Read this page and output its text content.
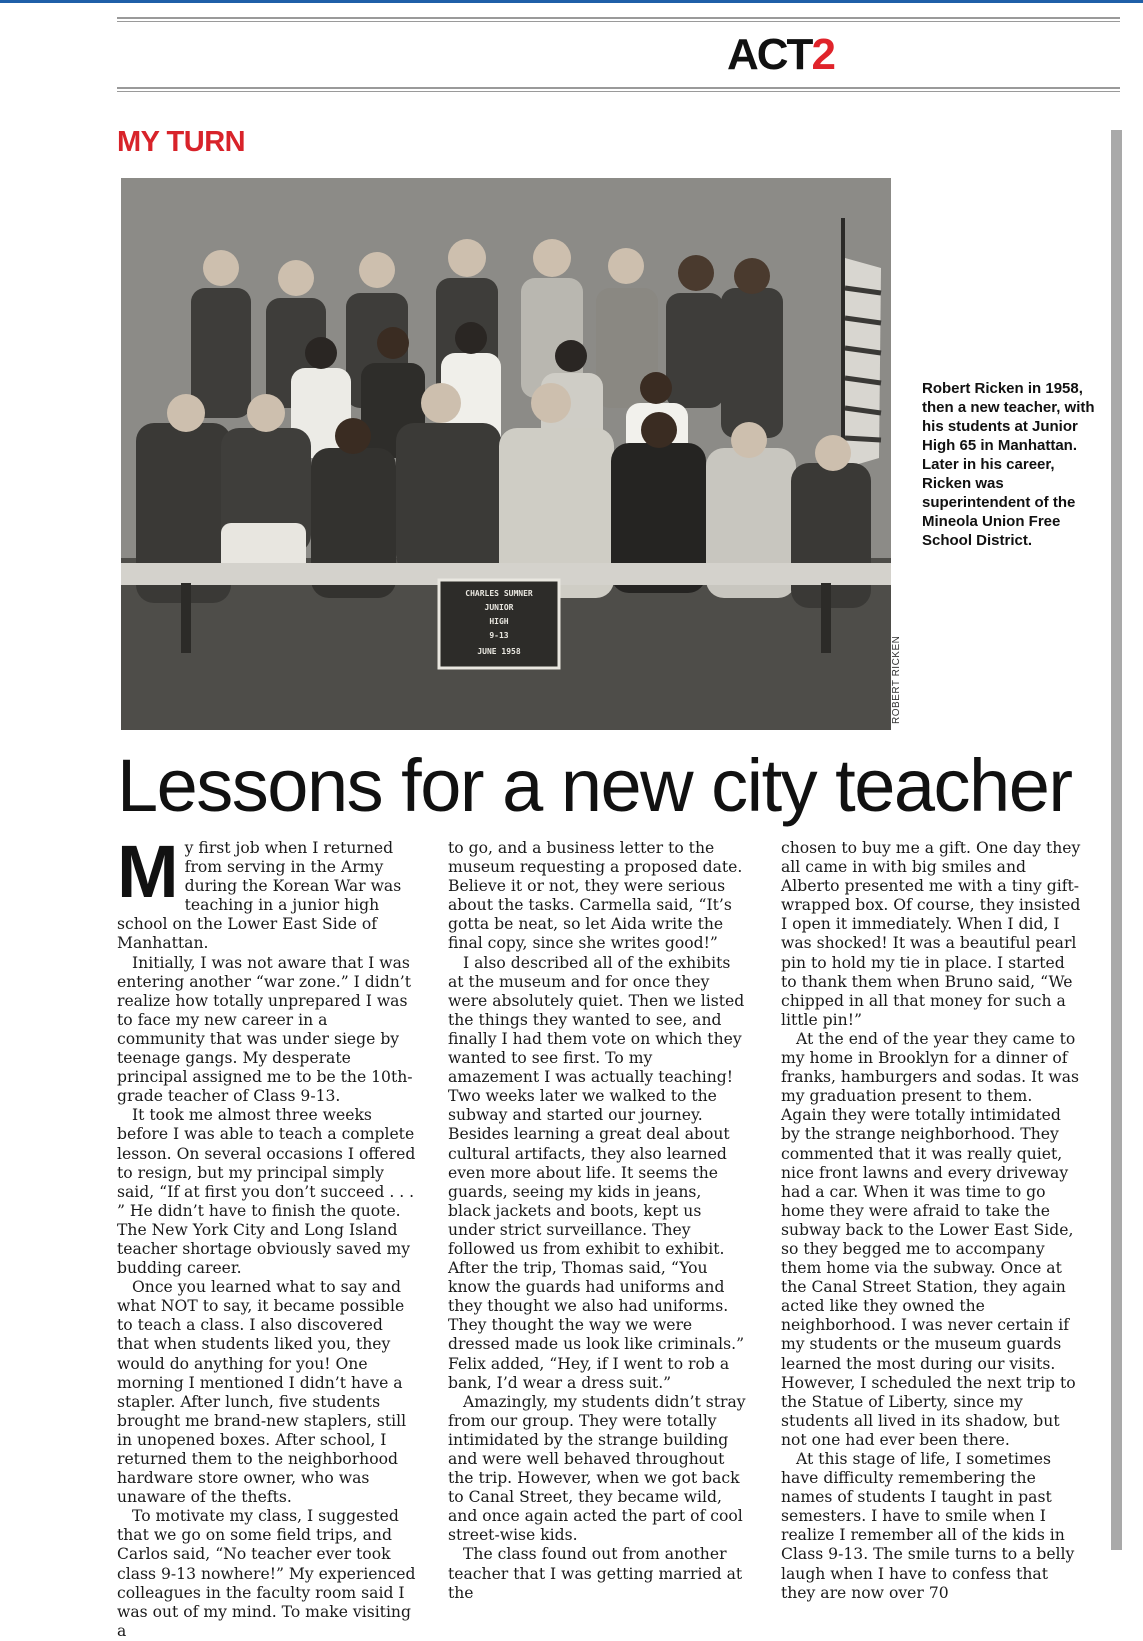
ACT2
MY TURN
CHARLES SUMNER
JUNIOR
HIGH
9-13
JUNE 1958	ROBERT RICKEN
Robert Ricken in 1958, then a new teacher, with his students at Junior High 65 in Manhattan. Later in his career, Ricken was superintendent of the Mineola Union Free School District.
Lessons for a new city teacher

My first job when I returned from serving in the Army during the Korean War was teaching in a junior high school on the Lower East Side of Manhattan.

Initially, I was not aware that I was entering another “war zone.” I didn’t realize how totally unprepared I was to face my new career in a community that was under siege by teenage gangs. My desperate principal assigned me to be the 10th-grade teacher of Class 9-13.

It took me almost three weeks before I was able to teach a complete lesson. On several occasions I offered to resign, but my principal simply said, “If at first you don’t succeed . . . ” He didn’t have to finish the quote. The New York City and Long Island teacher shortage obviously saved my budding career.

Once you learned what to say and what NOT to say, it became possible to teach a class. I also discovered that when students liked you, they would do anything for you! One morning I mentioned I didn’t have a stapler. After lunch, five students brought me brand-new staplers, still in unopened boxes. After school, I returned them to the neighborhood hardware store owner, who was unaware of the thefts.

To motivate my class, I suggested that we go on some field trips, and Carlos said, “No teacher ever took class 9-13 nowhere!” My experienced colleagues in the faculty room said I was out of my mind. To make visiting a

to go, and a business letter to the museum requesting a proposed date. Believe it or not, they were serious about the tasks. Carmella said, “It’s gotta be neat, so let Aida write the final copy, since she writes good!”

I also described all of the exhibits at the museum and for once they were absolutely quiet. Then we listed the things they wanted to see, and finally I had them vote on which they wanted to see first. To my amazement I was actually teaching! Two weeks later we walked to the subway and started our journey. Besides learning a great deal about cultural artifacts, they also learned even more about life. It seems the guards, seeing my kids in jeans, black jackets and boots, kept us under strict surveillance. They followed us from exhibit to exhibit. After the trip, Thomas said, “You know the guards had uniforms and they thought we also had uniforms. They thought the way we were dressed made us look like criminals.” Felix added, “Hey, if I went to rob a bank, I’d wear a dress suit.”

Amazingly, my students didn’t stray from our group. They were totally intimidated by the strange building and were well behaved throughout the trip. However, when we got back to Canal Street, they became wild, and once again acted the part of cool street-wise kids.

The class found out from another teacher that I was getting married at the

chosen to buy me a gift. One day they all came in with big smiles and Alberto presented me with a tiny gift-wrapped box. Of course, they insisted I open it immediately. When I did, I was shocked! It was a beautiful pearl pin to hold my tie in place. I started to thank them when Bruno said, “We chipped in all that money for such a little pin!”

At the end of the year they came to my home in Brooklyn for a dinner of franks, hamburgers and sodas. It was my graduation present to them. Again they were totally intimidated by the strange neighborhood. They commented that it was really quiet, nice front lawns and every driveway had a car. When it was time to go home they were afraid to take the subway back to the Lower East Side, so they begged me to accompany them home via the subway. Once at the Canal Street Station, they again acted like they owned the neighborhood. I was never certain if my students or the museum guards learned the most during our visits. However, I scheduled the next trip to the Statue of Liberty, since my students all lived in its shadow, but not one had ever been there.

At this stage of life, I sometimes have difficulty remembering the names of students I taught in past semesters. I have to smile when I realize I remember all of the kids in Class 9-13. The smile turns to a belly laugh when I have to confess that they are now over 70
